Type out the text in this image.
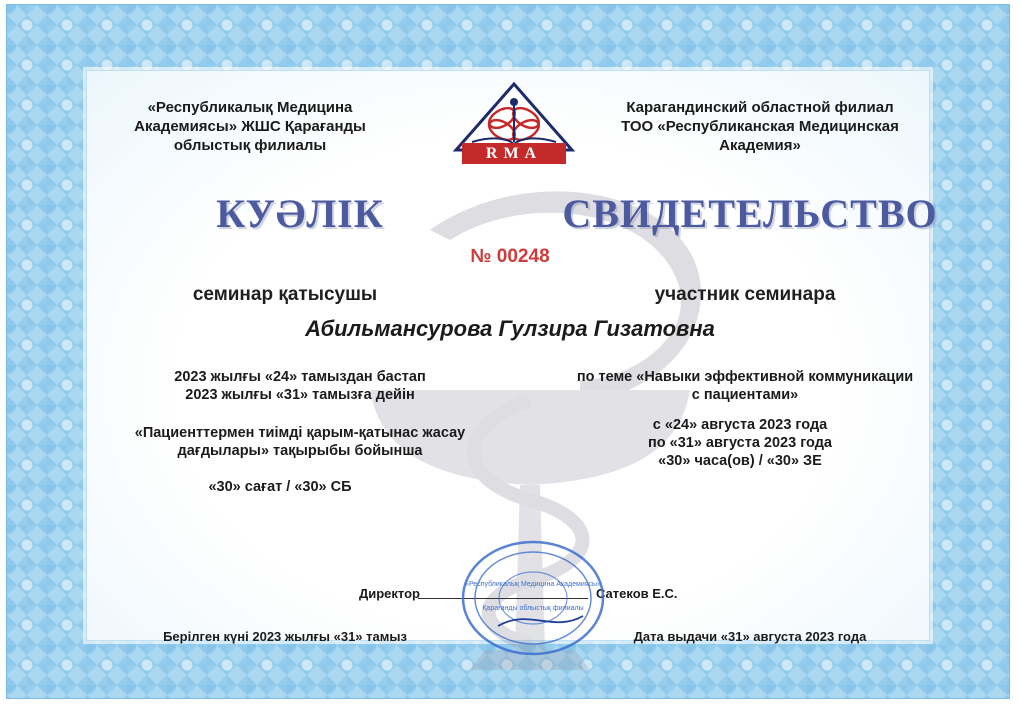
RMA
«Республикалық Медицина
Академиясы» ЖШС Қарағанды
облыстық филиалы
Карагандинский областной филиал
ТОО «Республиканская Медицинская
Академия»
КУӘЛІК	СВИДЕТЕЛЬСТВО
№ 00248
семинар қатысушы	участник семинара
Абильмансурова Гулзира Гизатовна
2023 жылғы «24» тамыздан бастап
2023 жылғы «31» тамызға дейін
«Пациенттермен тиімді қарым-қатынас жасау
дағдылары» тақырыбы бойынша
«30» сағат / «30» СБ
по теме «Навыки эффективной коммуникации
с пациентами»
с «24» августа 2023 года
по «31» августа 2023 года
«30» часа(ов) / «30» ЗЕ
Директор	Сатеков Е.С.
«Республикалық Медицина Академиясы»
Қарағанды облыстық филиалы
Берілген күні 2023 жылғы «31» тамыз	Дата выдачи «31» августа 2023 года
